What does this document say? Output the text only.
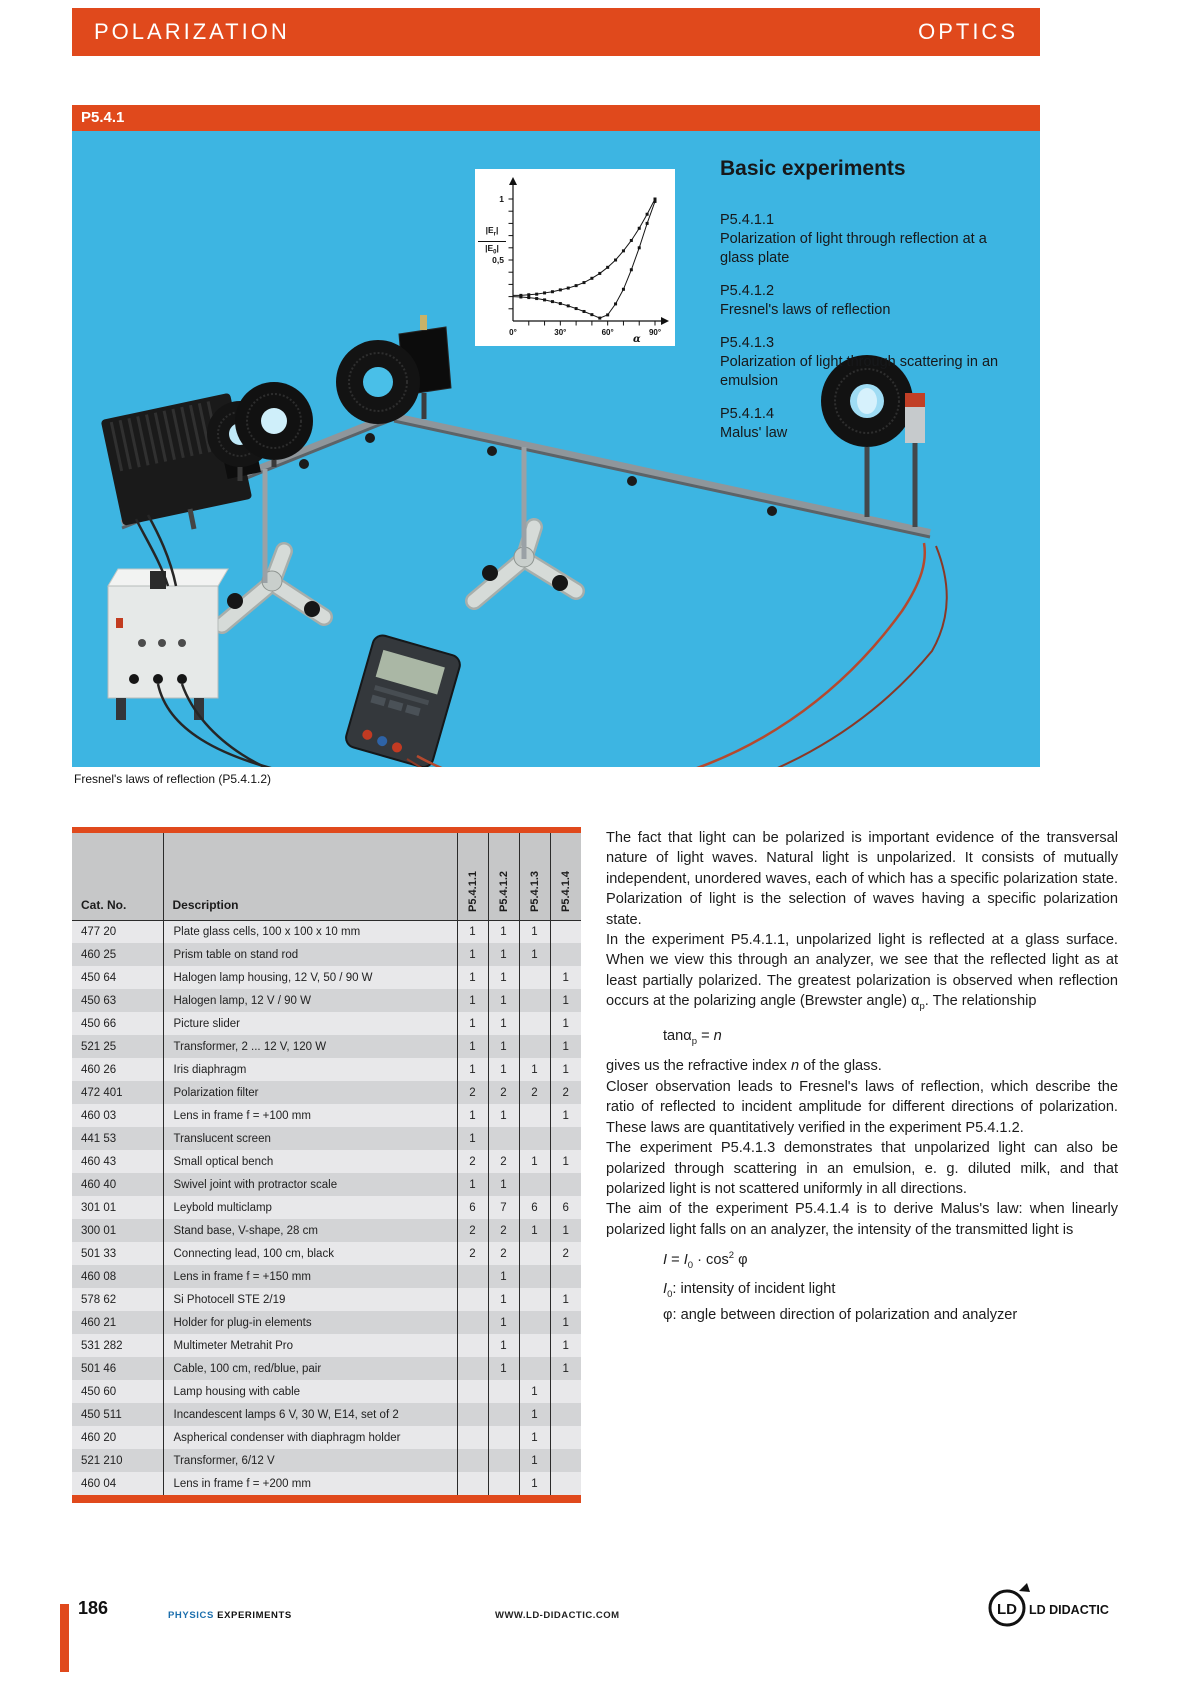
POLARIZATION	OPTICS
P5.4.1
0°	30°	60°	90°
0,5
1
α
$\frac{|E_r|}{|E_0|}$
Basic experiments
P5.4.1.1
Polarization of light through reflection at a glass plate
P5.4.1.2
Fresnel's laws of reflection
P5.4.1.3
Polarization of light through scattering in an emulsion
P5.4.1.4
Malus' law
Fresnel's laws of reflection (P5.4.1.2)
Cat. No.	Description	P5.4.1.1	P5.4.1.2	P5.4.1.3	P5.4.1.4
477 20	Plate glass cells, 100 x 100 x 10 mm	1	1	1	
460 25	Prism table on stand rod	1	1	1	
450 64	Halogen lamp housing, 12 V, 50 / 90 W	1	1		1
450 63	Halogen lamp, 12 V / 90 W	1	1		1
450 66	Picture slider	1	1		1
521 25	Transformer, 2 ... 12 V, 120 W	1	1		1
460 26	Iris diaphragm	1	1	1	1
472 401	Polarization filter	2	2	2	2
460 03	Lens in frame f = +100 mm	1	1		1
441 53	Translucent screen	1			
460 43	Small optical bench	2	2	1	1
460 40	Swivel joint with protractor scale	1	1		
301 01	Leybold multiclamp	6	7	6	6
300 01	Stand base, V-shape, 28 cm	2	2	1	1
501 33	Connecting lead, 100 cm, black	2	2		2
460 08	Lens in frame f = +150 mm		1		
578 62	Si Photocell STE 2/19		1		1
460 21	Holder for plug-in elements		1		1
531 282	Multimeter Metrahit Pro		1		1
501 46	Cable, 100 cm, red/blue, pair		1		1
450 60	Lamp housing with cable			1	
450 511	Incandescent lamps 6 V, 30 W, E14, set of 2			1	
460 20	Aspherical condenser with diaphragm holder			1	
521 210	Transformer, 6/12 V			1	
460 04	Lens in frame f = +200 mm			1	

The fact that light can be polarized is important evidence of the transversal nature of light waves. Natural light is unpolarized. It consists of mutually independent, unordered waves, each of which has a specific polarization state. Polarization of light is the selection of waves having a specific polarization state.

In the experiment P5.4.1.1, unpolarized light is reflected at a glass surface. When we view this through an analyzer, we see that the reflected light as at least partially polarized. The greatest polarization is observed when reflection occurs at the polarizing angle (Brewster angle) $\alpha_p$. The relationship

tanα$_p$ = n

gives us the refractive index n of the glass.

Closer observation leads to Fresnel's laws of reflection, which describe the ratio of reflected to incident amplitude for different directions of polarization. These laws are quantitatively verified in the experiment P5.4.1.2.

The experiment P5.4.1.3 demonstrates that unpolarized light can also be polarized through scattering in an emulsion, e. g. diluted milk, and that polarized light is not scattered uniformly in all directions.

The aim of the experiment P5.4.1.4 is to derive Malus's law: when linearly polarized light falls on an analyzer, the intensity of the transmitted light is

$I = I_0 \cdot \cos^2 \varphi$
$I_0$: intensity of incident light
φ: angle between direction of polarization and analyzer
186	PHYSICS EXPERIMENTS	WWW.LD-DIDACTIC.COM	LD LD DIDACTIC
